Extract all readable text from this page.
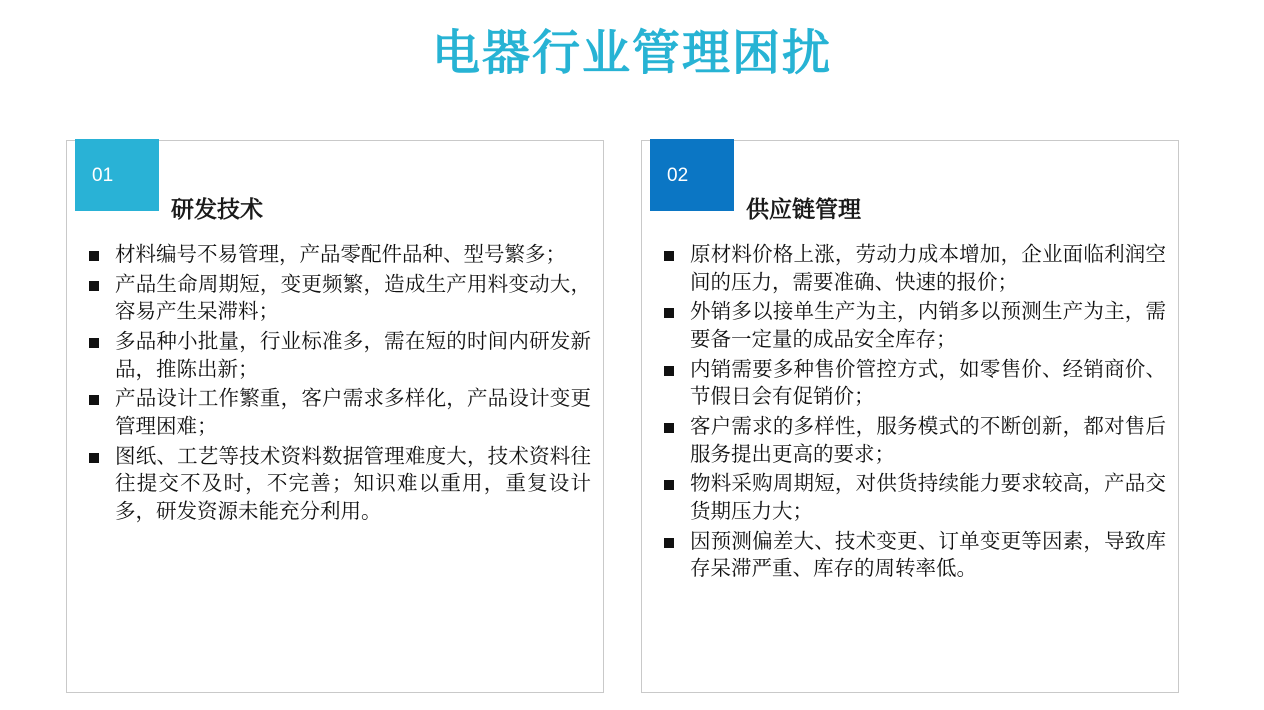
电器行业管理困扰
01
研发技术
材料编号不易管理，产品零配件品种、型号繁多；
产品生命周期短，变更频繁，造成生产用料变动大，容易产生呆滞料；
多品种小批量，行业标准多，需在短的时间内研发新品，推陈出新；
产品设计工作繁重，客户需求多样化，产品设计变更管理困难；
图纸、工艺等技术资料数据管理难度大，技术资料往往提交不及时，不完善；知识难以重用，重复设计多，研发资源未能充分利用。
02
供应链管理
原材料价格上涨，劳动力成本增加，企业面临利润空间的压力，需要准确、快速的报价；
外销多以接单生产为主，内销多以预测生产为主，需要备一定量的成品安全库存；
内销需要多种售价管控方式，如零售价、经销商价、节假日会有促销价；
客户需求的多样性，服务模式的不断创新，都对售后服务提出更高的要求；
物料采购周期短，对供货持续能力要求较高，产品交货期压力大；
因预测偏差大、技术变更、订单变更等因素，导致库存呆滞严重、库存的周转率低。
